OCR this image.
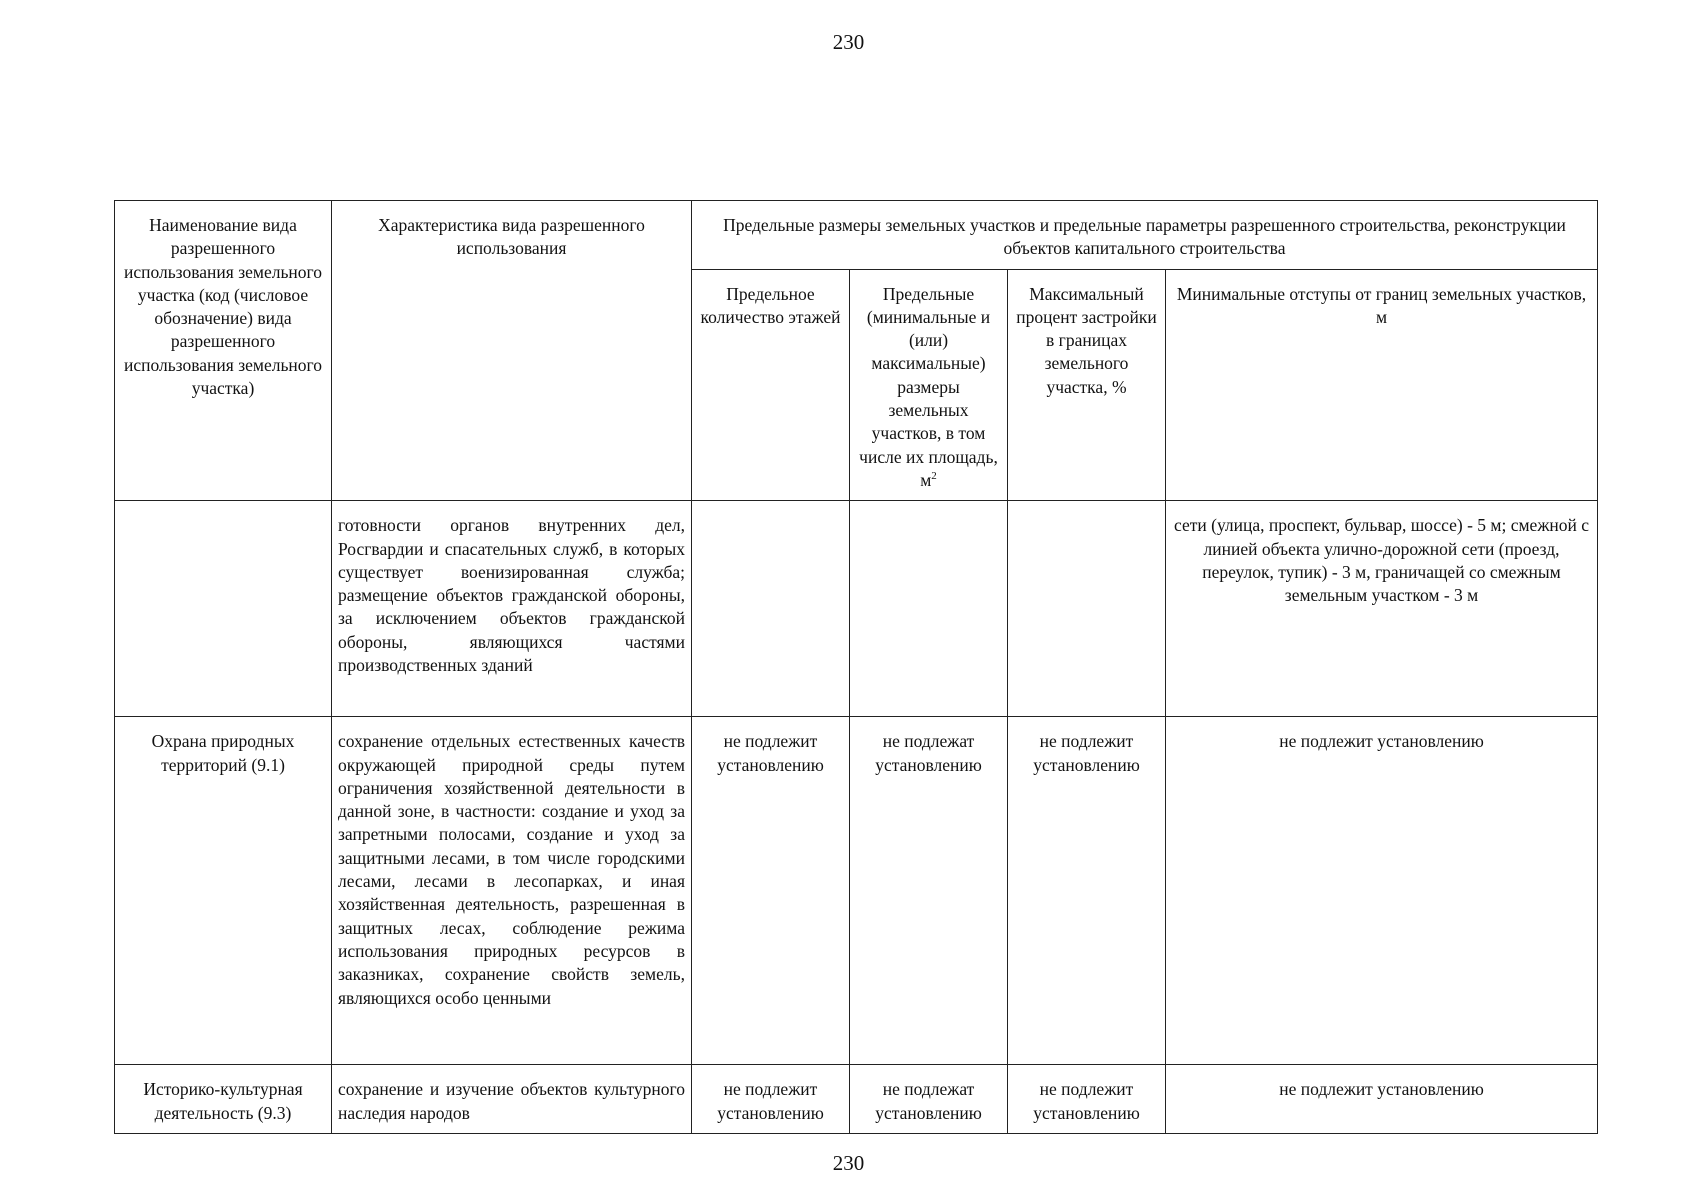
230
Наименование вида разрешенного использования земельного участка (код (числовое обозначение) вида разрешенного использования земельного участка)	Характеристика вида разрешенного использования	Предельные размеры земельных участков и предельные параметры разрешенного строительства, реконструкции объектов капитального строительства			
		Предельное количество этажей	Предельные (минимальные и (или) максимальные) размеры земельных участков, в том числе их площадь, $м^2$	Максимальный процент застройки в границах земельного участка, %	Минимальные отступы от границ земельных участков, м
	готовности органов внутренних дел, Росгвардии и спасательных служб, в которых существует военизированная служба; размещение объектов гражданской обороны, за исключением объектов гражданской обороны, являющихся частями производственных зданий				сети (улица, проспект, бульвар, шоссе) - 5 м; смежной с линией объекта улично-дорожной сети (проезд, переулок, тупик) - 3 м, граничащей со смежным земельным участком - 3 м
Охрана природных территорий (9.1)	сохранение отдельных естественных качеств окружающей природной среды путем ограничения хозяйственной деятельности в данной зоне, в частности: создание и уход за запретными полосами, создание и уход за защитными лесами, в том числе городскими лесами, лесами в лесопарках, и иная хозяйственная деятельность, разрешенная в защитных лесах, соблюдение режима использования природных ресурсов в заказниках, сохранение свойств земель, являющихся особо ценными	не подлежит установлению	не подлежат установлению	не подлежит установлению	не подлежит установлению
Историко-культурная деятельность (9.3)	сохранение и изучение объектов культурного наследия народов	не подлежит установлению	не подлежат установлению	не подлежит установлению	не подлежит установлению
230
